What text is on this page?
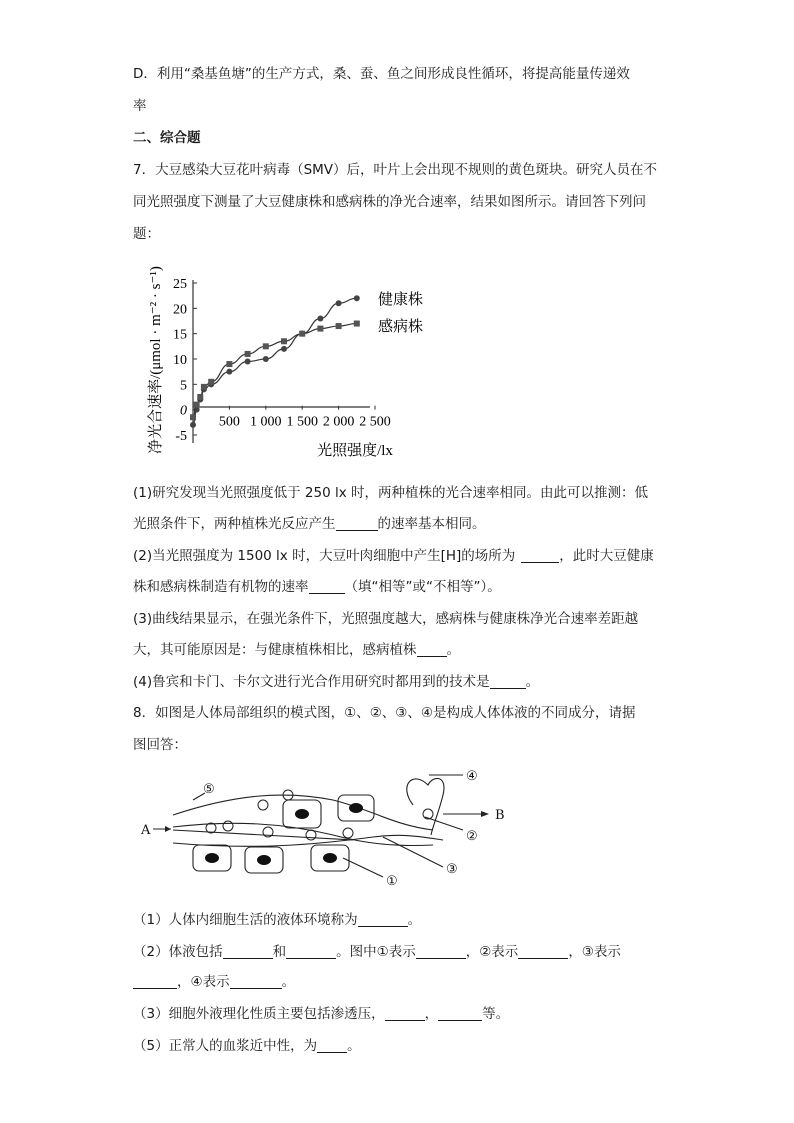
D．利用“桑基鱼塘”的生产方式，桑、蚕、鱼之间形成良性循环，将提高能量传递效
率
二、综合题
7．大豆感染大豆花叶病毒（SMV）后，叶片上会出现不规则的黄色斑块。研究人员在不
同光照强度下测量了大豆健康株和感病株的净光合速率，结果如图所示。请回答下列问
题：
25
20
15
10
5
0
-5
500 1 000 1 500 2 000 2 500
净光合速率/(μmol · m⁻² · s⁻¹)	光照强度/lx
健康株
感病株
(1)研究发现当光照强度低于 250 lx 时，两种植株的光合速率相同。由此可以推测：低
光照条件下，两种植株光反应产生	的速率基本相同。
(2)当光照强度为 1500 lx 时，大豆叶肉细胞中产生[H]的场所为	，此时大豆健康
株和感病株制造有机物的速率	（填“相等”或“不相等”）。
(3)曲线结果显示，在强光条件下，光照强度越大，感病株与健康株净光合速率差距越
大，其可能原因是：与健康植株相比，感病植株 。
(4)鲁宾和卡门、卡尔文进行光合作用研究时都用到的技术是	。
8．如图是人体局部组织的模式图，①、②、③、④是构成人体体液的不同成分，请据
图回答：
A
B
①
②
③
④
⑤
（1）人体内细胞生活的液体环境称为	。
（2）体液包括	和	。图中①表示	，②表示	，③表示
，④表示	。
（3）细胞外液理化性质主要包括渗透压，	，	等。
（5）正常人的血浆近中性，为 。
